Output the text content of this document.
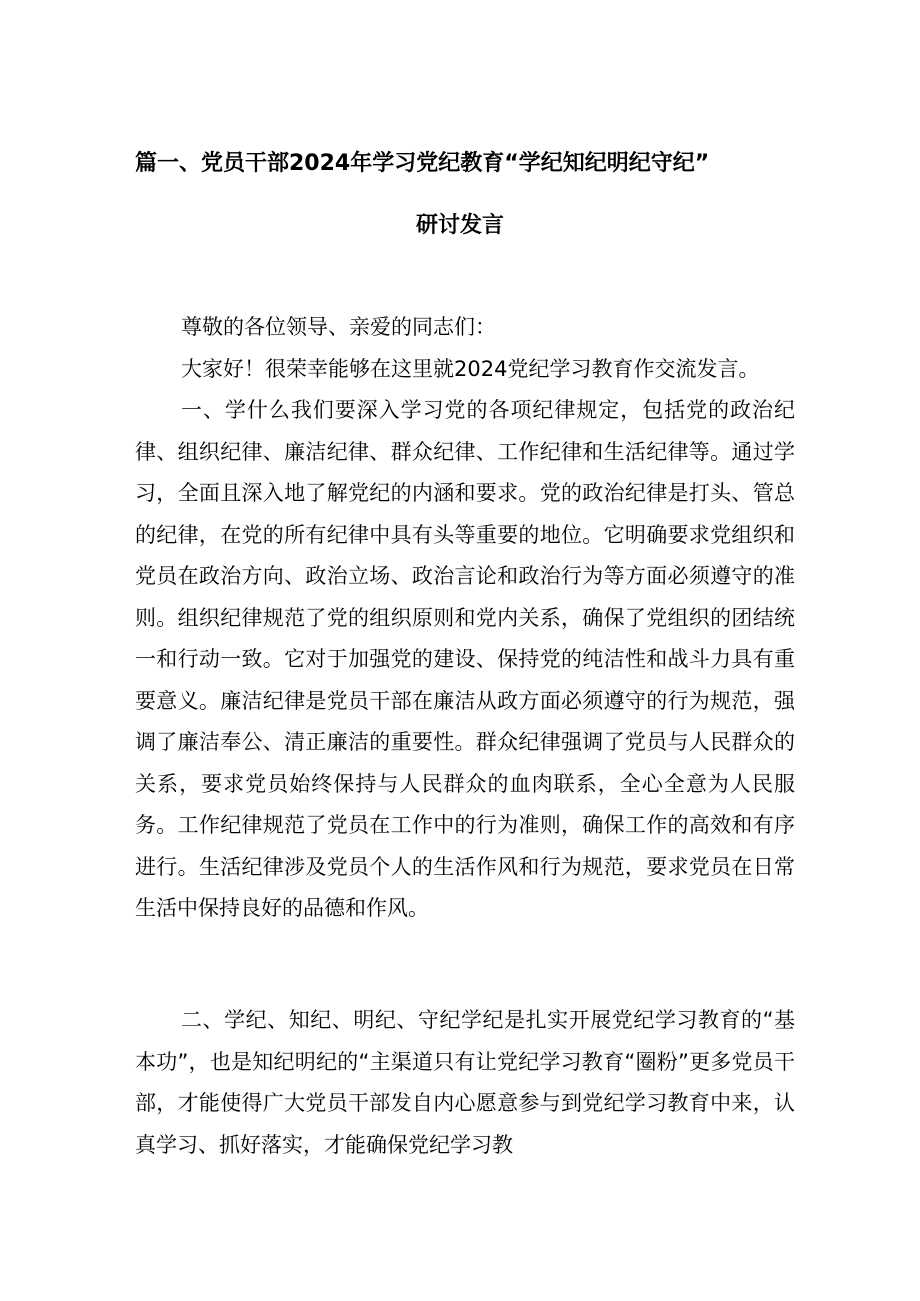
篇一、党员干部2024年学习党纪教育“学纪知纪明纪守纪”
研讨发言

尊敬的各位领导、亲爱的同志们：

大家好！很荣幸能够在这里就2024党纪学习教育作交流发言。

一、学什么我们要深入学习党的各项纪律规定，包括党的政治纪律、组织纪律、廉洁纪律、群众纪律、工作纪律和生活纪律等。通过学习，全面且深入地了解党纪的内涵和要求。党的政治纪律是打头、管总的纪律，在党的所有纪律中具有头等重要的地位。它明确要求党组织和党员在政治方向、政治立场、政治言论和政治行为等方面必须遵守的准则。组织纪律规范了党的组织原则和党内关系，确保了党组织的团结统一和行动一致。它对于加强党的建设、保持党的纯洁性和战斗力具有重要意义。廉洁纪律是党员干部在廉洁从政方面必须遵守的行为规范，强调了廉洁奉公、清正廉洁的重要性。群众纪律强调了党员与人民群众的关系，要求党员始终保持与人民群众的血肉联系，全心全意为人民服务。工作纪律规范了党员在工作中的行为准则，确保工作的高效和有序进行。生活纪律涉及党员个人的生活作风和行为规范，要求党员在日常生活中保持良好的品德和作风。

二、学纪、知纪、明纪、守纪学纪是扎实开展党纪学习教育的“基本功”，也是知纪明纪的“主渠道只有让党纪学习教育“圈粉”更多党员干部，才能使得广大党员干部发自内心愿意参与到党纪学习教育中来，认真学习、抓好落实，才能确保党纪学习教
